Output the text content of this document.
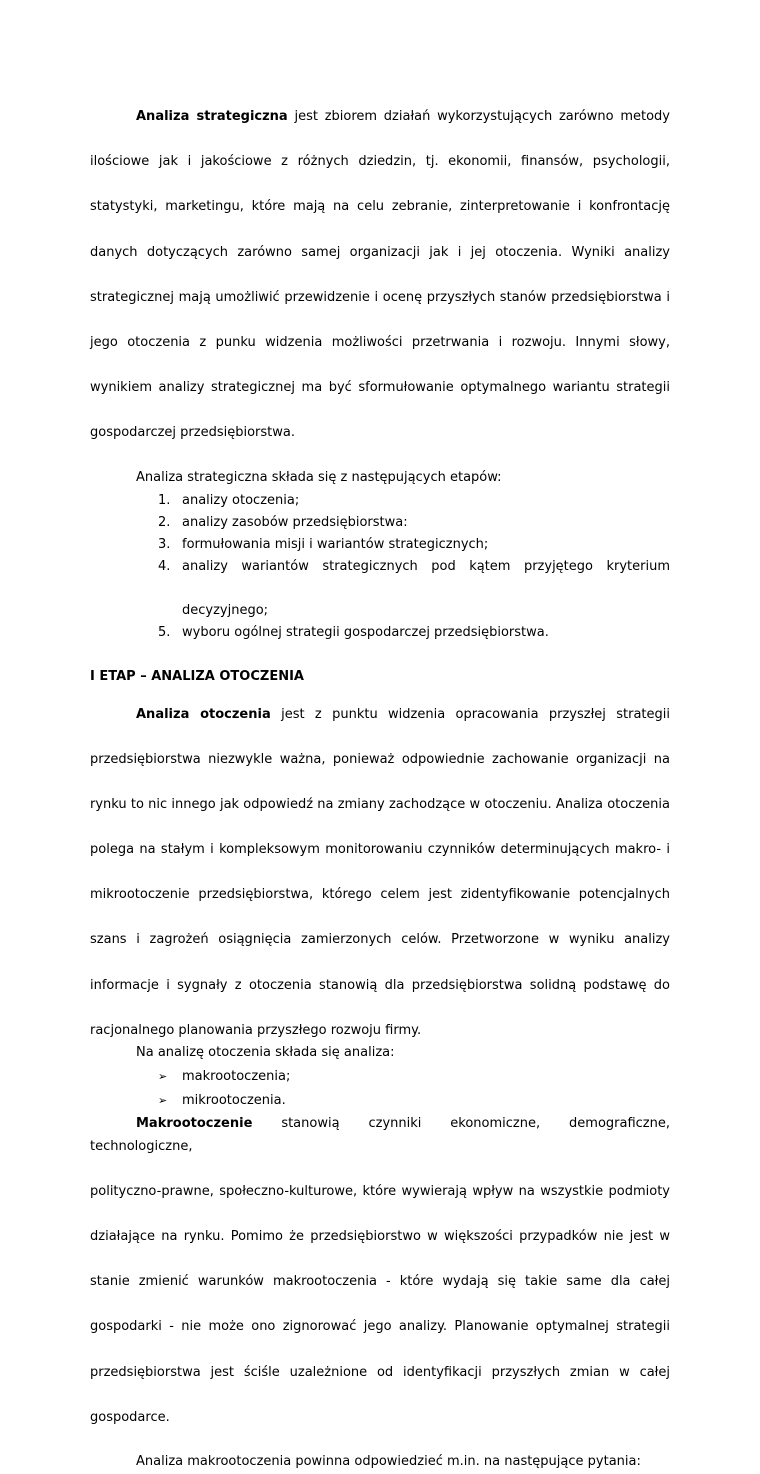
Analiza strategiczna jest zbiorem działań wykorzystujących zarówno metody

ilościowe jak i jakościowe z różnych dziedzin, tj. ekonomii, finansów, psychologii,

statystyki, marketingu, które mają na celu zebranie, zinterpretowanie i konfrontację

danych dotyczących zarówno samej organizacji jak i jej otoczenia. Wyniki analizy

strategicznej mają umożliwić przewidzenie i ocenę przyszłych stanów przedsiębiorstwa i

jego otoczenia z punku widzenia możliwości przetrwania i rozwoju. Innymi słowy,

wynikiem analizy strategicznej ma być sformułowanie optymalnego wariantu strategii

gospodarczej przedsiębiorstwa.

Analiza strategiczna składa się z następujących etapów:

1. analizy otoczenia;
2. analizy zasobów przedsiębiorstwa:
3. formułowania misji i wariantów strategicznych;
4. analizy wariantów strategicznych pod kątem przyjętego kryterium
decyzyjnego;
5. wyboru ogólnej strategii gospodarczej przedsiębiorstwa.

I ETAP – ANALIZA OTOCZENIA

Analiza otoczenia jest z punktu widzenia opracowania przyszłej strategii

przedsiębiorstwa niezwykle ważna, ponieważ odpowiednie zachowanie organizacji na

rynku to nic innego jak odpowiedź na zmiany zachodzące w otoczeniu. Analiza otoczenia

polega na stałym i kompleksowym monitorowaniu czynników determinujących makro- i

mikrootoczenie przedsiębiorstwa, którego celem jest zidentyfikowanie potencjalnych

szans i zagrożeń osiągnięcia zamierzonych celów. Przetworzone w wyniku analizy

informacje i sygnały z otoczenia stanowią dla przedsiębiorstwa solidną podstawę do

racjonalnego planowania przyszłego rozwoju firmy.

Na analizę otoczenia składa się analiza:

➢ makrootoczenia;
➢ mikrootoczenia.

Makrootoczenie stanowią czynniki ekonomiczne, demograficzne, technologiczne,

polityczno-prawne, społeczno-kulturowe, które wywierają wpływ na wszystkie podmioty

działające na rynku. Pomimo że przedsiębiorstwo w większości przypadków nie jest w

stanie zmienić warunków makrootoczenia - które wydają się takie same dla całej

gospodarki - nie może ono zignorować jego analizy. Planowanie optymalnej strategii

przedsiębiorstwa jest ściśle uzależnione od identyfikacji przyszłych zmian w całej

gospodarce.

Analiza makrootoczenia powinna odpowiedzieć m.in. na następujące pytania:
